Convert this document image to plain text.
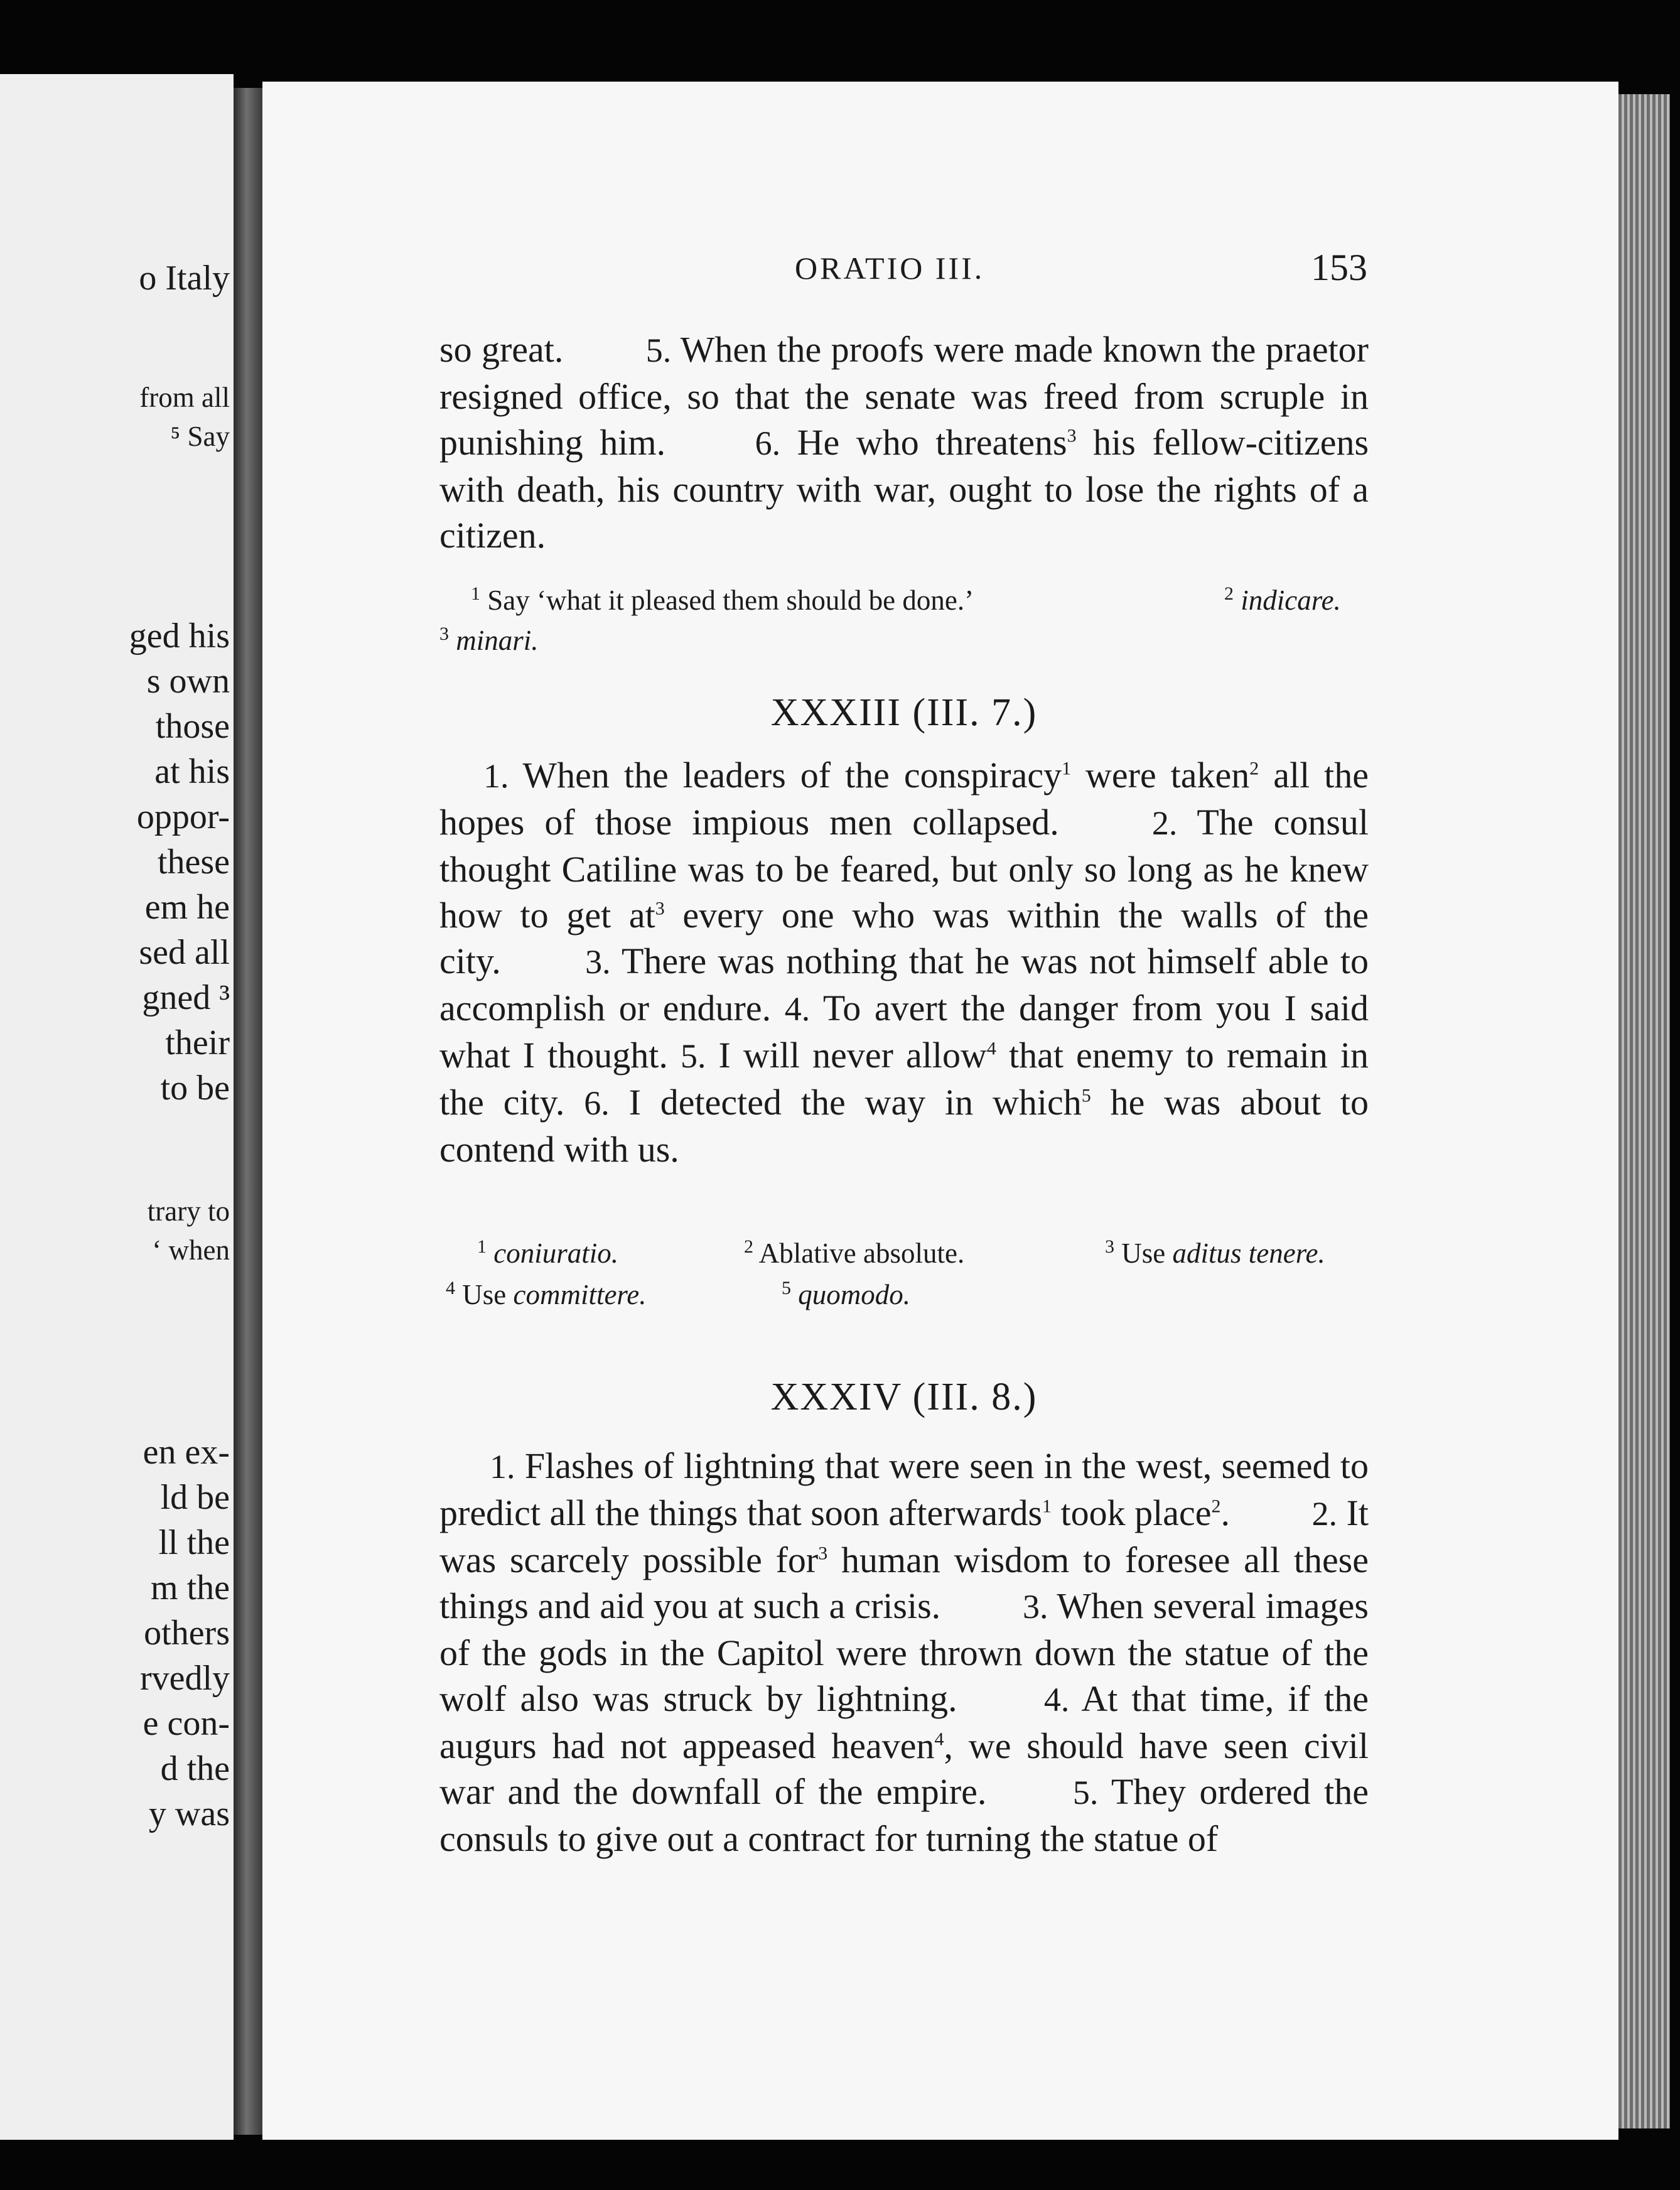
o Italy
from all
⁵ Say
ged his
s own
those
at his
oppor-
these
em he
sed all
gned ³
their
to be
trary to
‘ when
en ex-
ld be
ll the
m the
others
rvedly
e con-
d the
y was
ORATIO III.	153

so great.   5. When the proofs were made known the praetor resigned office, so that the senate was freed from scruple in punishing him.  	6. He who threatens$^3$ his fellow-citizens with death, his country with war, ought to lose the rights of a citizen.

$^1$ Say ‘what it pleased them should be done.’	$^2$ indicare.
$^3$ minari.
XXXIII (III. 7.)

1. When the leaders of the conspiracy$^1$ were taken$^2$ all the hopes of those impious men collapsed.  	2. The consul thought Catiline was to be feared, but only so long as he knew how to get $at^3$ every one who was within the walls of the city.   3. There was nothing that he was not himself able to accomplish or endure. 4. To avert the danger from you I said what I thought. 5. I will never allow$^4$ that enemy to remain in the city. 6. I detected the way in which$^5$ he was about to contend with us.

$^1$ coniuratio.	$^2$ Ablative absolute.	$^3$ Use aditus tenere.
$^4$ Use committere.	$^5$ quomodo.
XXXIV (III. 8.)

1. Flashes of lightning that were seen in the west, seemed to predict all the things that soon afterwards$^1$ took place$^2$.   2. It was scarcely possible for$^3$ human wisdom to foresee all these things and aid you at such a crisis.   3. When several images of the gods in the Capitol were thrown down the statue of the wolf also was struck by lightning.  	4. At that time, if the augurs had not appeased heaven$^4$, we should have seen civil war and the downfall of the empire.  	5. They ordered the consuls to give out a contract for turning the statue of
